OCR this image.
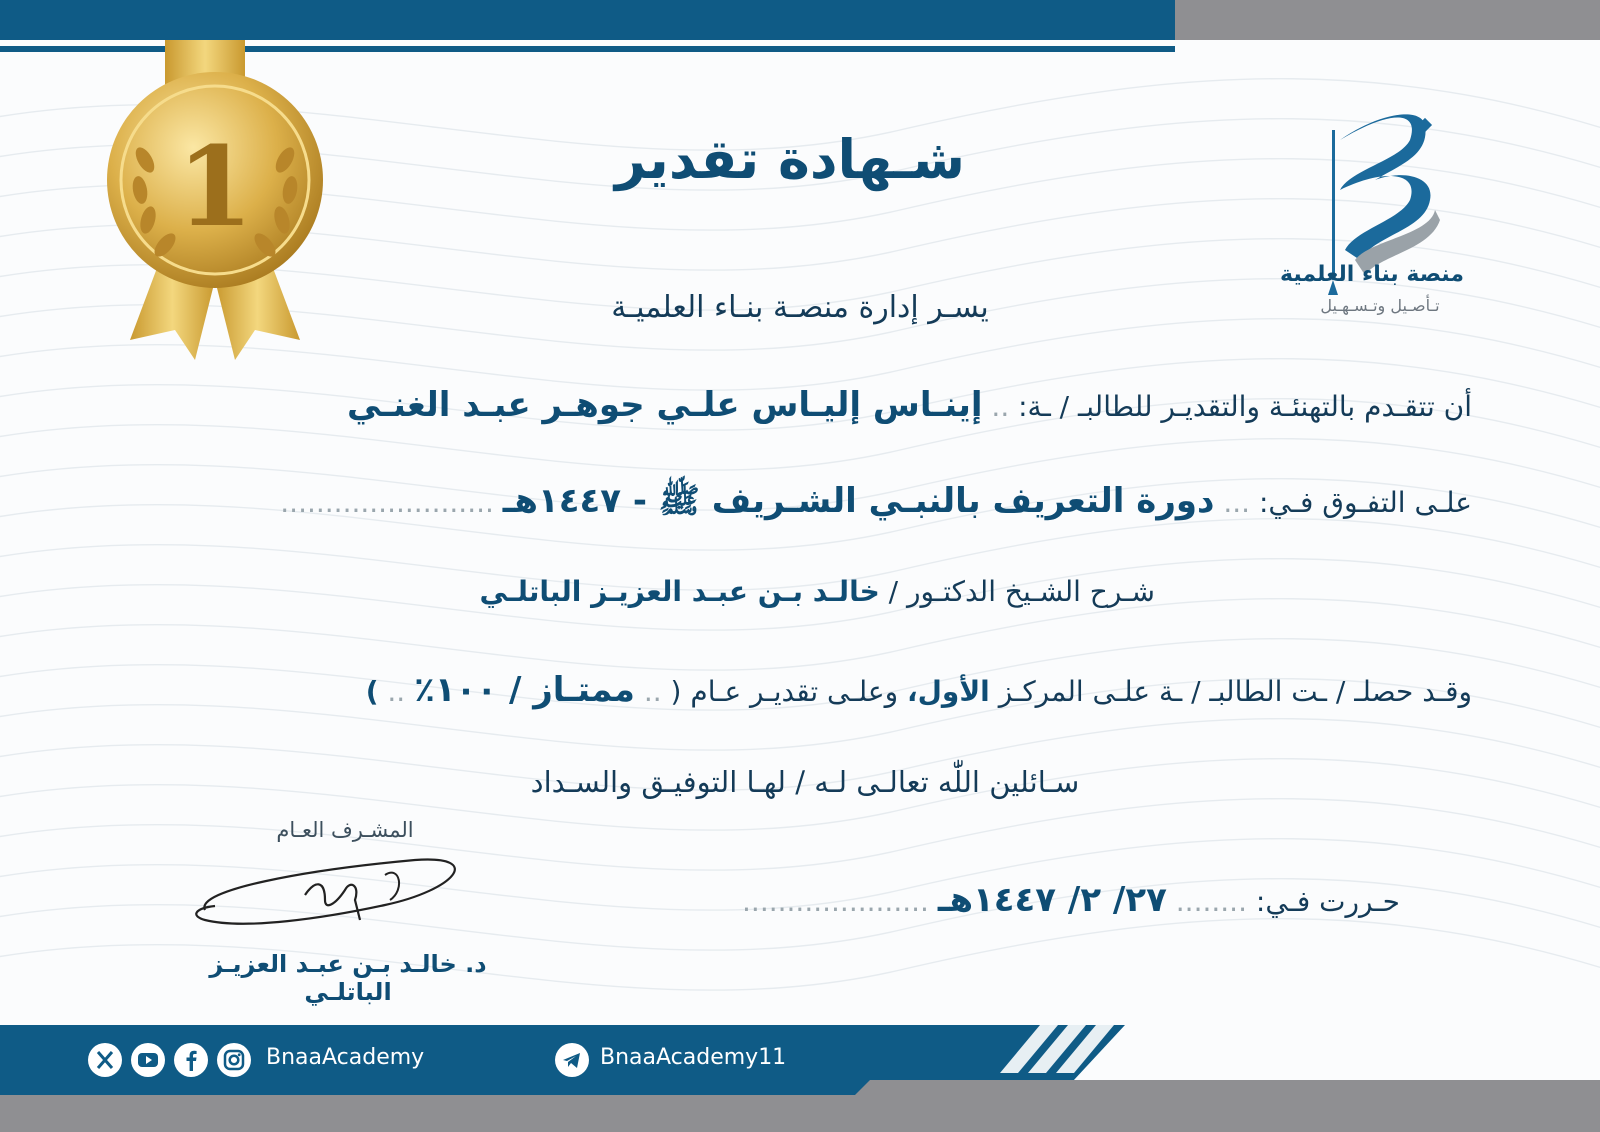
1
منصة بناء العلمية
تـأصـيل وتـسـهـيل
شـهادة تقدير
يسـر إدارة منصـة بنـاء العلميـة
أن تتقـدم بالتهنئـة والتقديـر للطالبـ / ـة: .. إينـاس إليـاس علـي جوهـر عبـد الغنـي
علـى التفـوق فـي: ... دورة التعريف بالنبـي الشـريف ﷺ - ١٤٤٧هـ ........................
شـرح الشـيخ الدكتـور / خالـد بـن عبـد العزيـز الباتلـي
وقـد حصلـ / ـت الطالبـ / ـة علـى المركـز الأول، وعلـى تقديـر عـام ( .. ممتـاز / ١٠٠٪ .. )
سـائلين اللّٰه تعالـى لـه / لهـا التوفيـق والسـداد
المشـرف العـام
د. خالـد بـن عبـد العزيـز الباتلـي
حـررت فـي: ........ ٢٧/ ٢/ ١٤٤٧هـ .....................
BnaaAcademy	BnaaAcademy11
